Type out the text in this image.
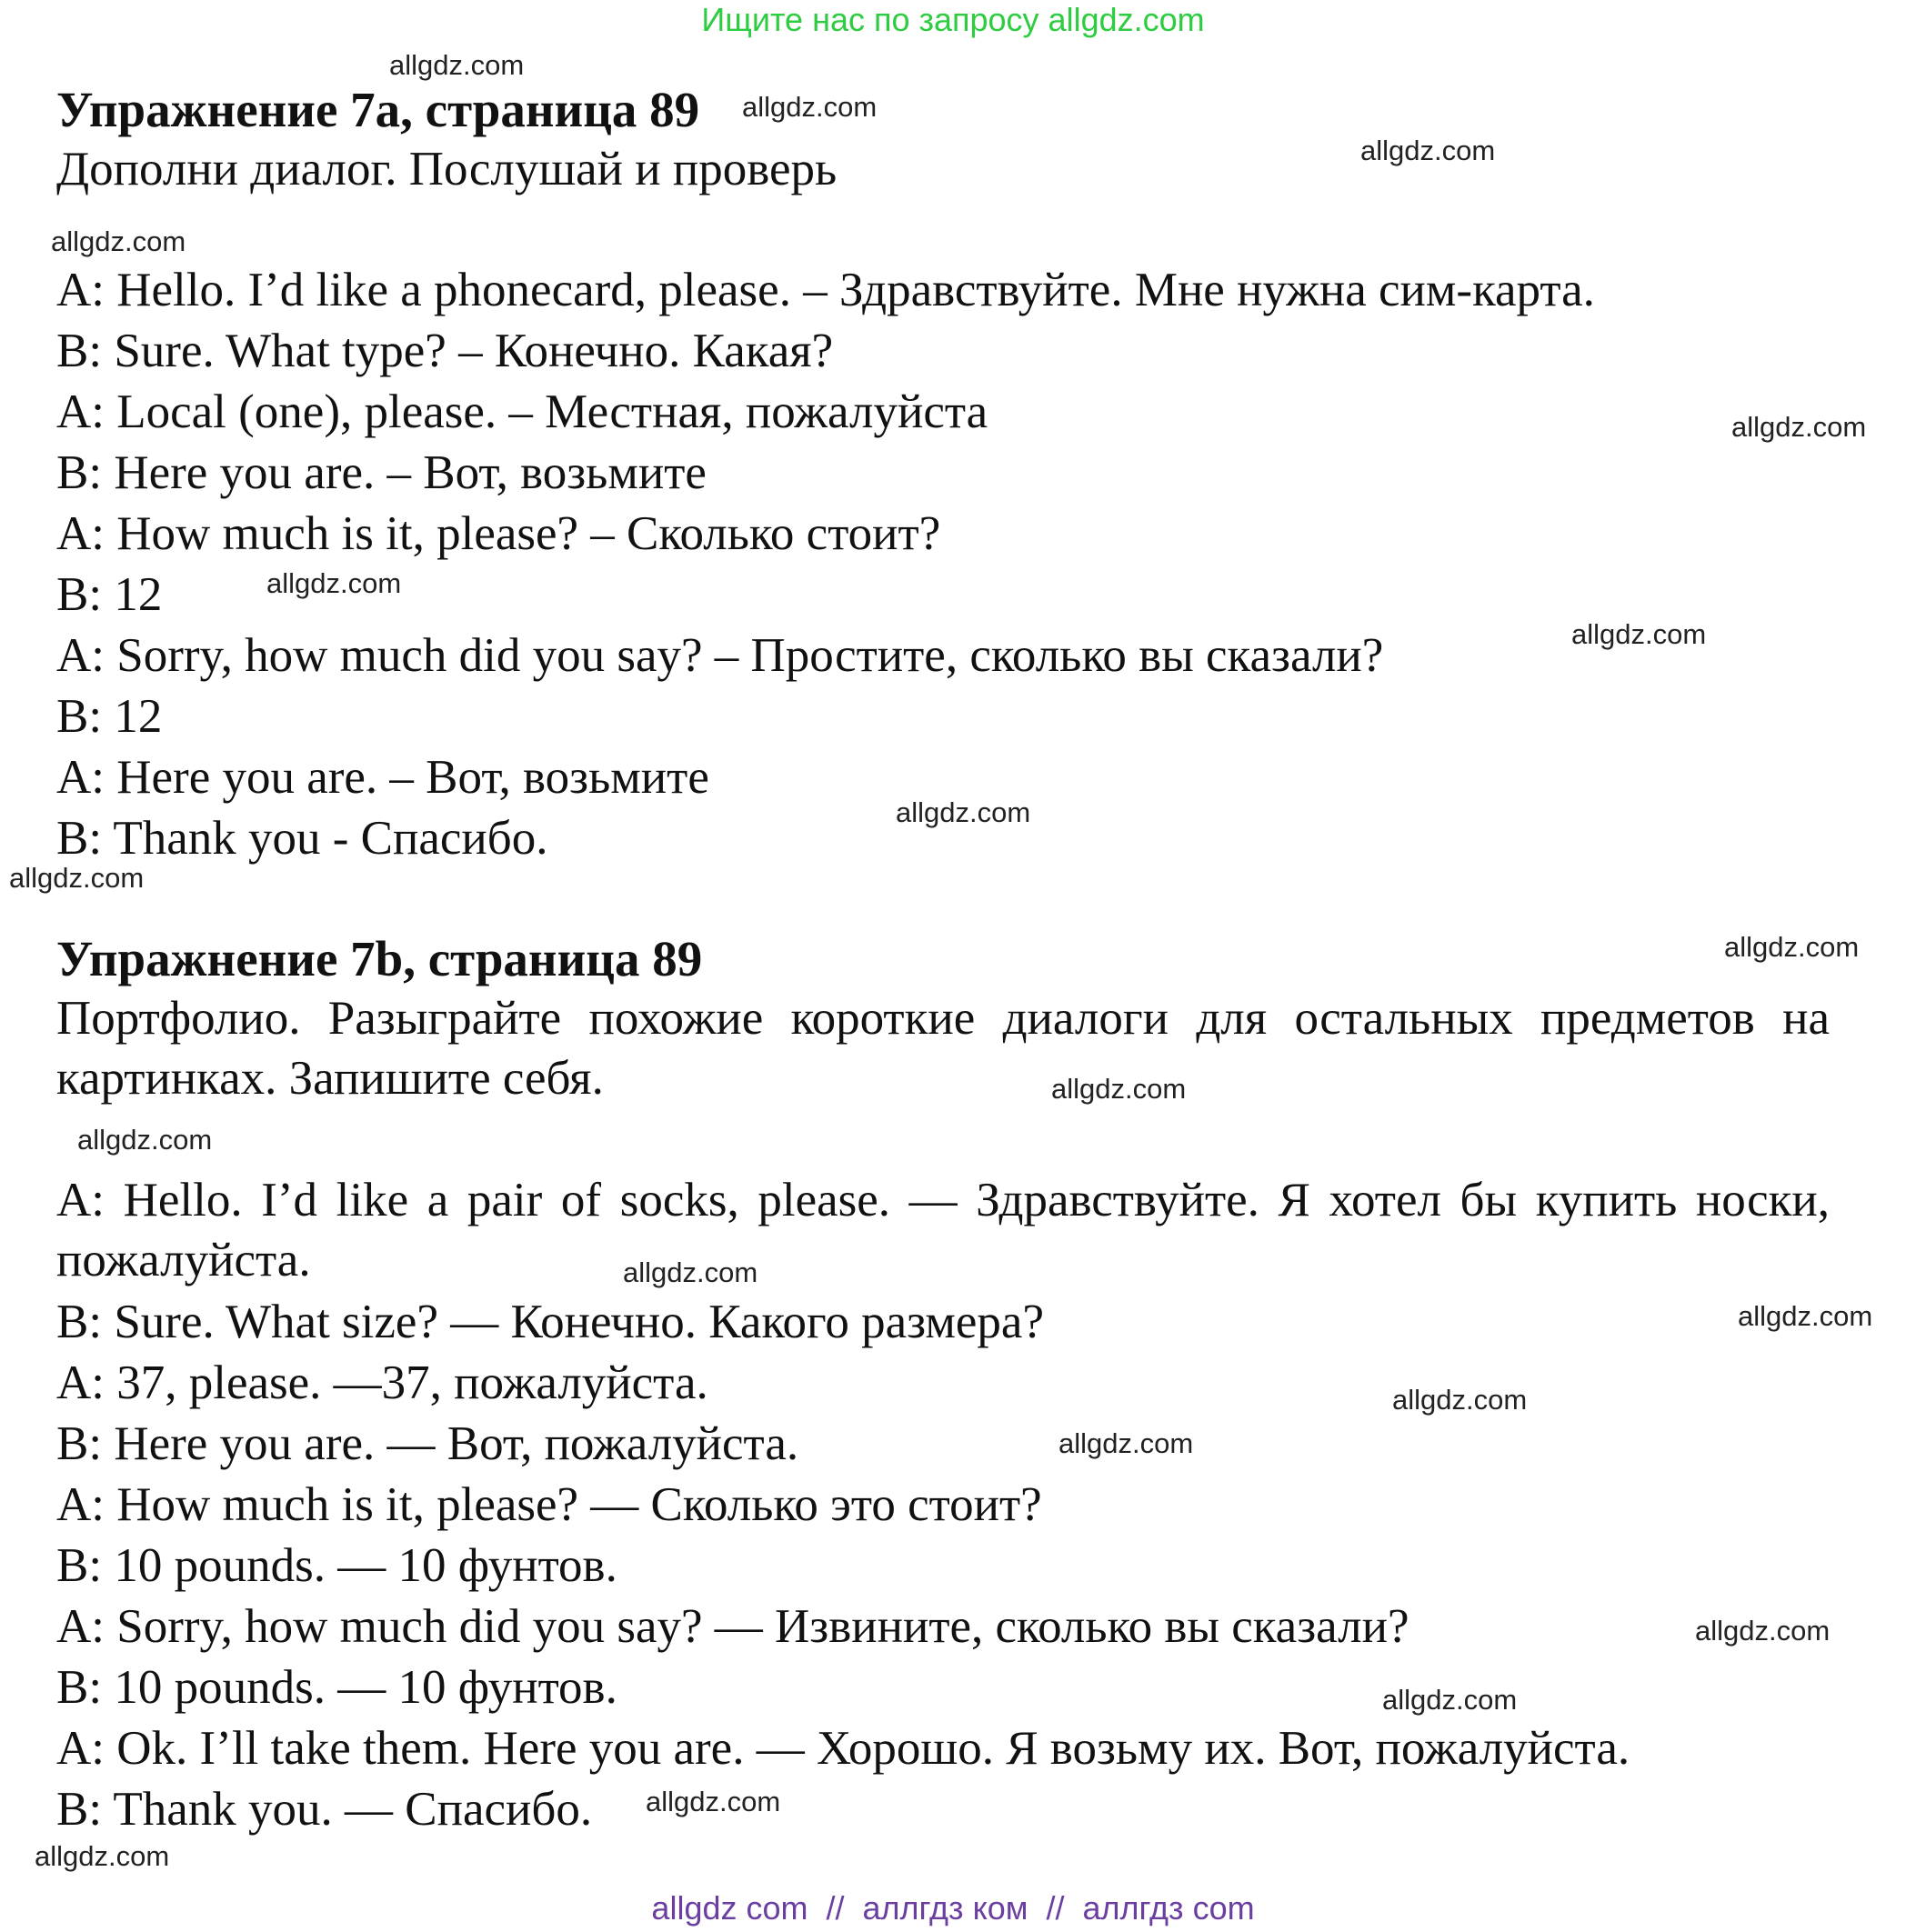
Ищите нас по запросу allgdz.com
Упражнение 7a, страница 89
Дополни диалог. Послушай и проверь
A: Hello. I’d like a phonecard, please. – Здравствуйте. Мне нужна сим-карта.
B: Sure. What type? – Конечно. Какая?
A: Local (one), please. – Местная, пожалуйста
B: Here you are. – Вот, возьмите
A: How much is it, please? – Сколько стоит?
B: 12
A: Sorry, how much did you say? – Простите, сколько вы сказали?
B: 12
A: Here you are. – Вот, возьмите
B: Thank you - Спасибо.
Упражнение 7b, страница 89
Портфолио. Разыграйте похожие короткие диалоги для остальных предметов на картинках. Запишите себя.
A: Hello. I’d like a pair of socks, please. — Здравствуйте. Я хотел бы купить носки, пожалуйста.
B: Sure. What size? — Конечно. Какого размера?
A: 37, please. —37, пожалуйста.
B: Here you are. — Вот, пожалуйста.
A: How much is it, please? — Сколько это стоит?
B: 10 pounds. — 10 фунтов.
A: Sorry, how much did you say? — Извините, сколько вы сказали?
B: 10 pounds. — 10 фунтов.
A: Ok. I’ll take them. Here you are. — Хорошо. Я возьму их. Вот, пожалуйста.
B: Thank you. — Спасибо.
allgdz.com
allgdz.com
allgdz.com
allgdz.com
allgdz.com
allgdz.com
allgdz.com
allgdz.com
allgdz.com
allgdz.com
allgdz.com
allgdz.com
allgdz.com
allgdz.com
allgdz.com
allgdz.com
allgdz.com
allgdz.com
allgdz.com
allgdz.com
allgdz com  //  аллгдз ком  //  аллгдз com
